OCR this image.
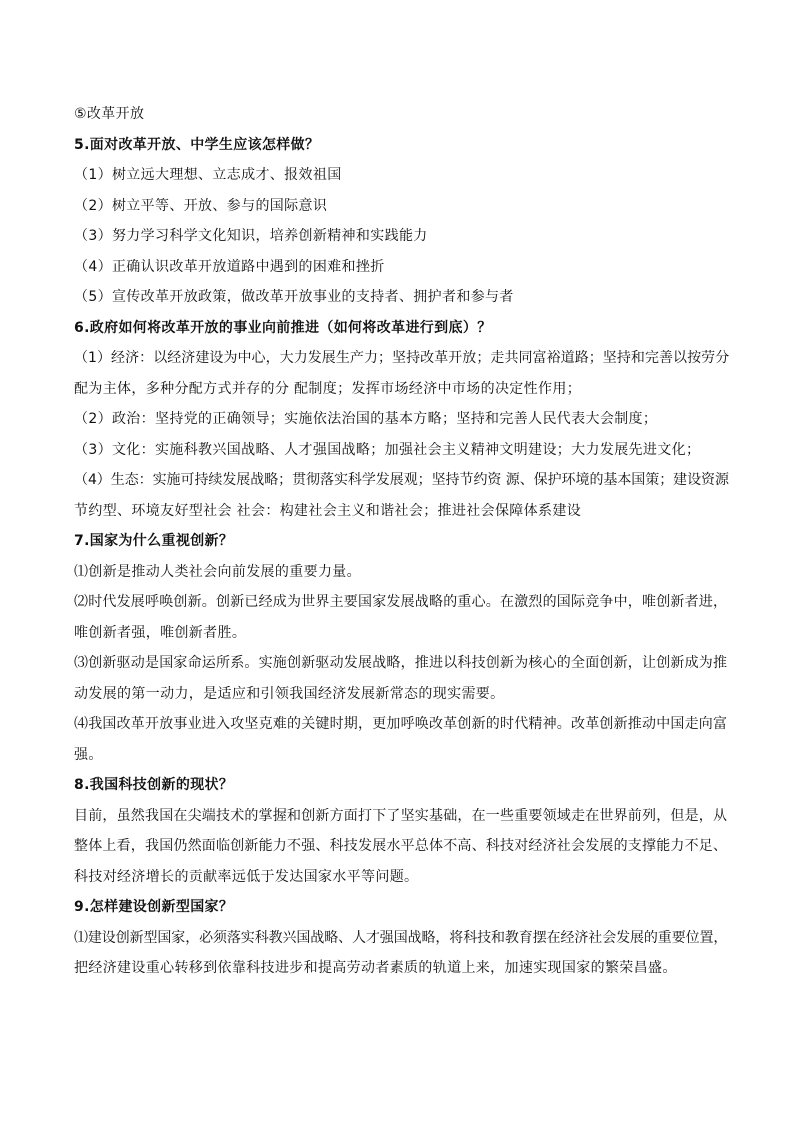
⑤改革开放

5.面对改革开放、中学生应该怎样做？

（1）树立远大理想、立志成才、报效祖国

（2）树立平等、开放、参与的国际意识

（3）努力学习科学文化知识，培养创新精神和实践能力

（4）正确认识改革开放道路中遇到的困难和挫折

（5）宣传改革开放政策，做改革开放事业的支持者、拥护者和参与者

6.政府如何将改革开放的事业向前推进（如何将改革进行到底）？

（1）经济：以经济建设为中心，大力发展生产力；坚持改革开放；走共同富裕道路；坚持和完善以按劳分

配为主体，多种分配方式并存的分 配制度；发挥市场经济中市场的决定性作用；

（2）政治：坚持党的正确领导；实施依法治国的基本方略；坚持和完善人民代表大会制度；

（3）文化：实施科教兴国战略、人才强国战略；加强社会主义精神文明建设；大力发展先进文化；

（4）生态：实施可持续发展战略；贯彻落实科学发展观；坚持节约资 源、保护环境的基本国策；建设资源

节约型、环境友好型社会 社会：构建社会主义和谐社会；推进社会保障体系建设

7.国家为什么重视创新？

⑴创新是推动人类社会向前发展的重要力量。

⑵时代发展呼唤创新。创新已经成为世界主要国家发展战略的重心。在激烈的国际竞争中，唯创新者进，

唯创新者强，唯创新者胜。

⑶创新驱动是国家命运所系。实施创新驱动发展战略，推进以科技创新为核心的全面创新，让创新成为推

动发展的第一动力，是适应和引领我国经济发展新常态的现实需要。

⑷我国改革开放事业进入攻坚克难的关键时期，更加呼唤改革创新的时代精神。改革创新推动中国走向富

强。

8.我国科技创新的现状？

目前，虽然我国在尖端技术的掌握和创新方面打下了坚实基础，在一些重要领域走在世界前列，但是，从

整体上看，我国仍然面临创新能力不强、科技发展水平总体不高、科技对经济社会发展的支撑能力不足、

科技对经济增长的贡献率远低于发达国家水平等问题。

9.怎样建设创新型国家？

⑴建设创新型国家，必须落实科教兴国战略、人才强国战略，将科技和教育摆在经济社会发展的重要位置，

把经济建设重心转移到依靠科技进步和提高劳动者素质的轨道上来，加速实现国家的繁荣昌盛。
